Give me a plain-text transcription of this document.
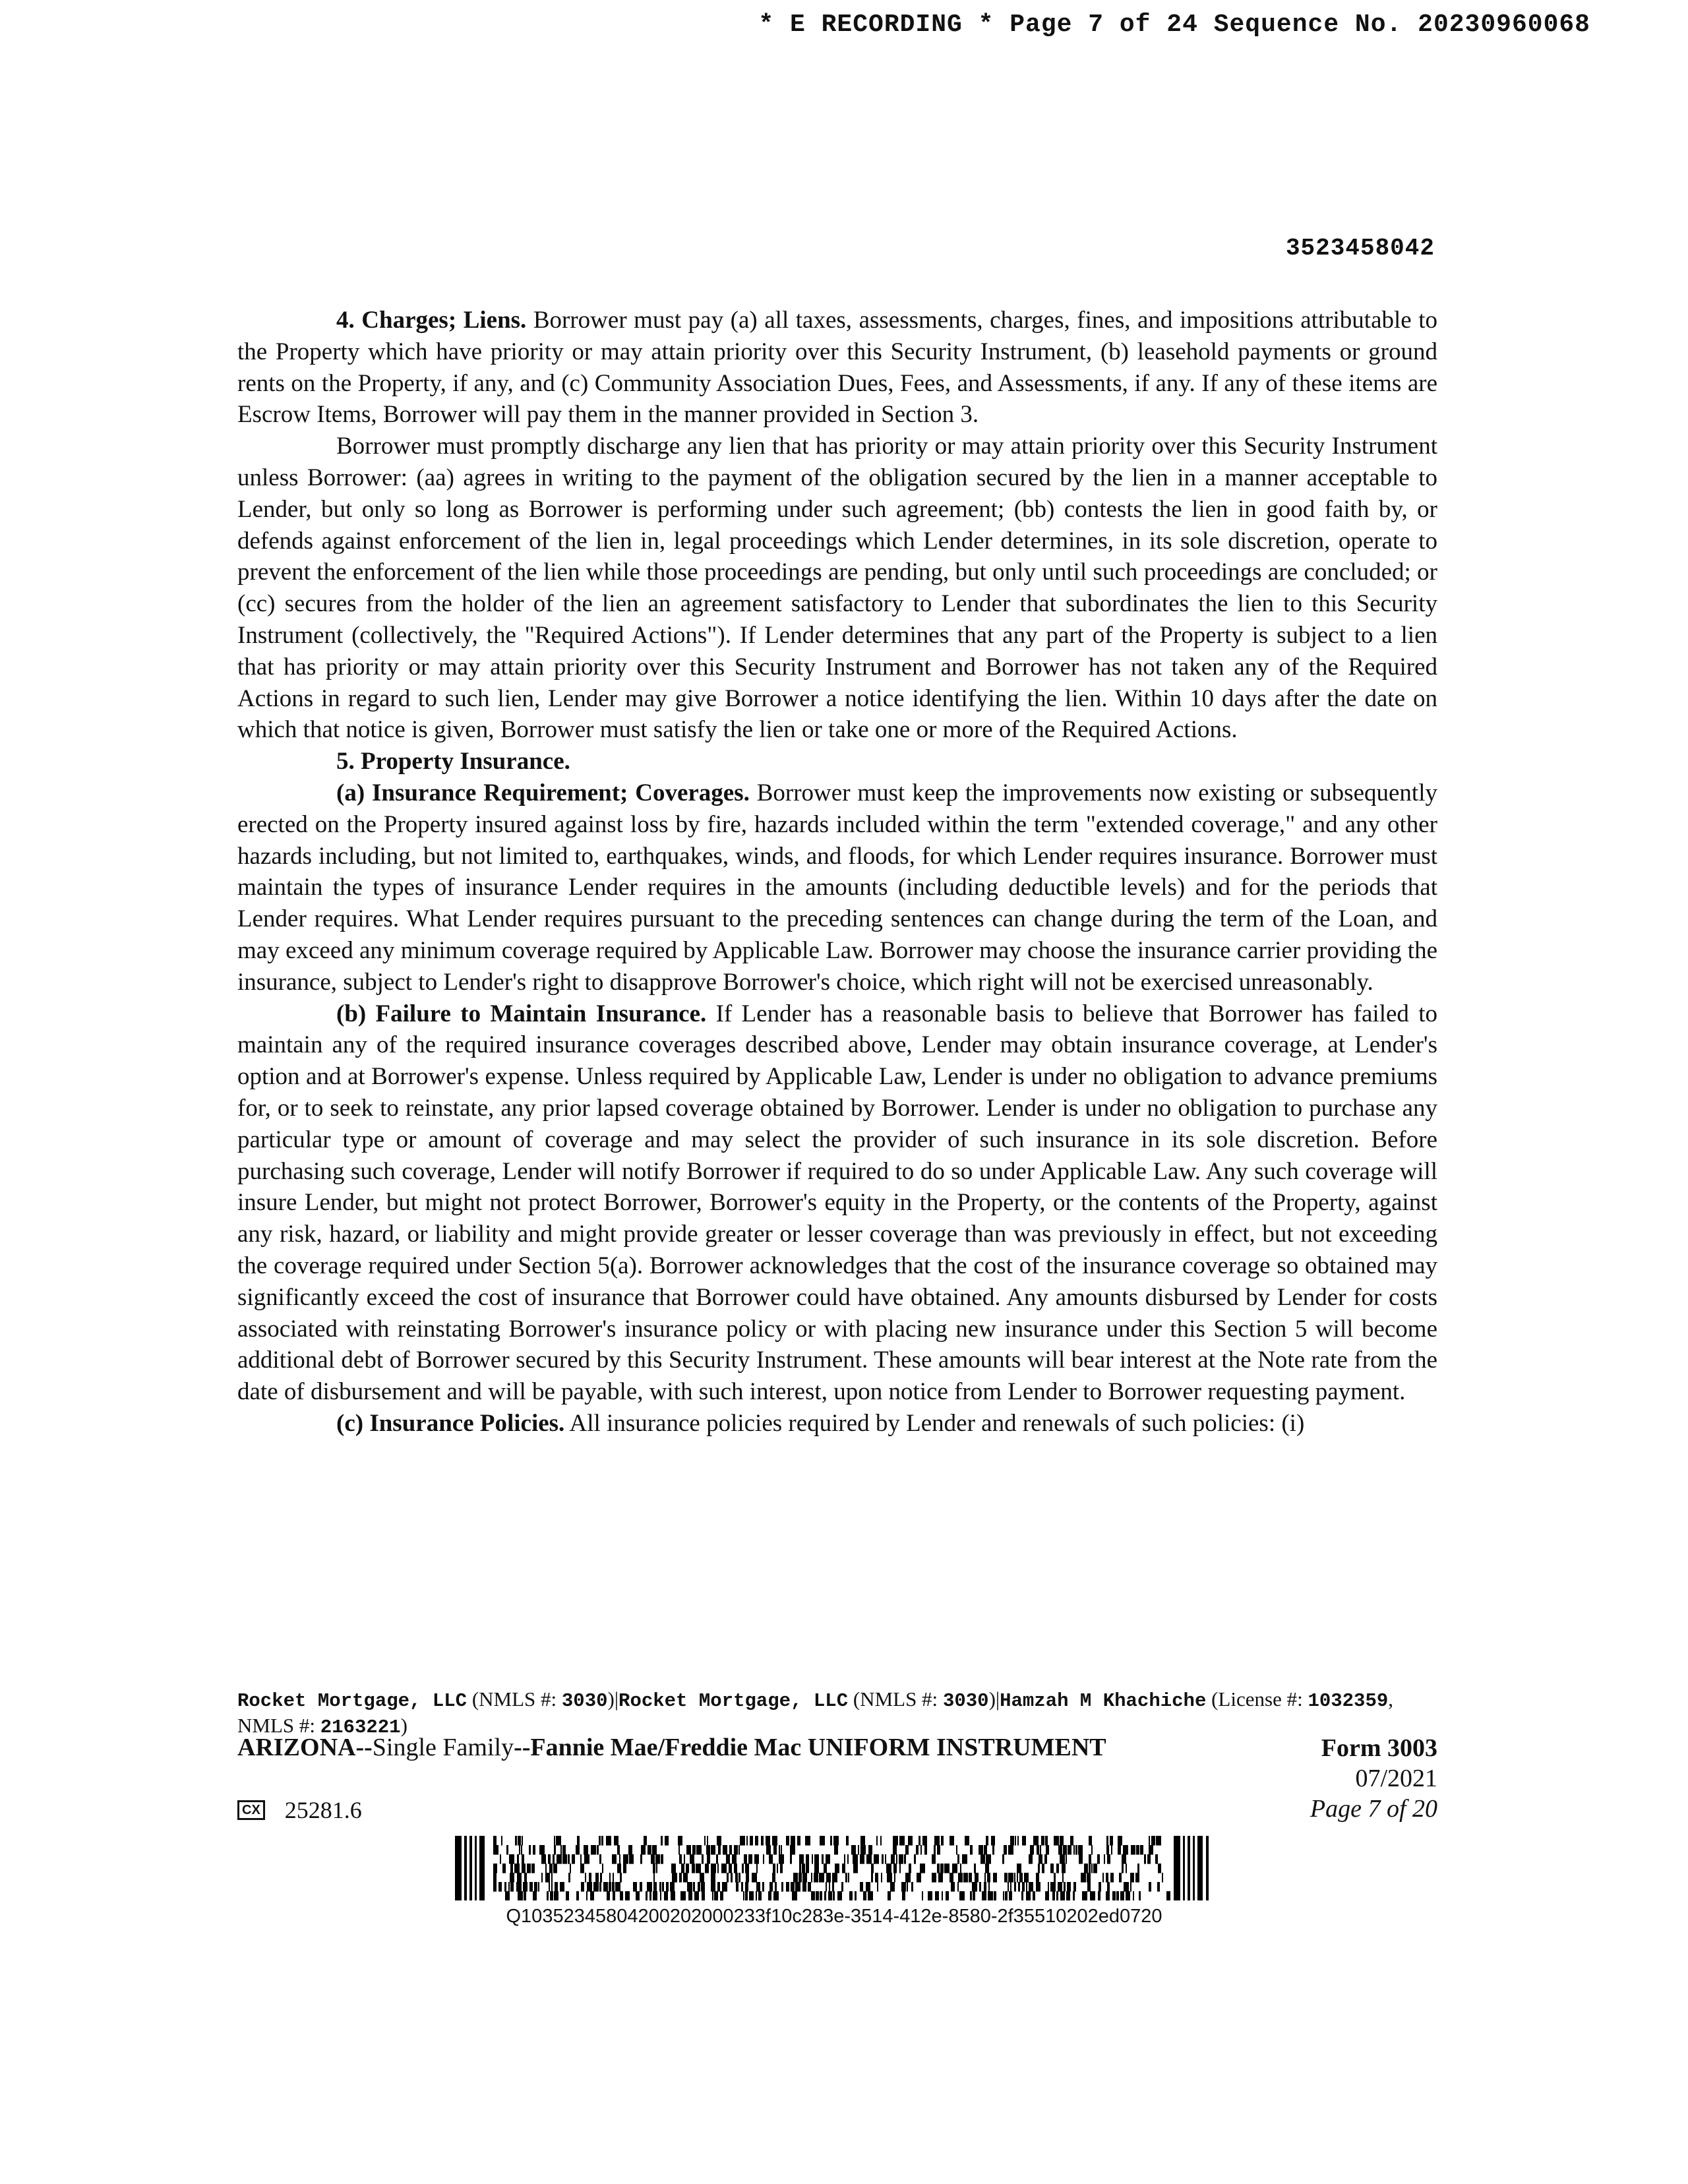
* E RECORDING * Page 7 of 24 Sequence No. 20230960068
3523458042

4. Charges; Liens. Borrower must pay (a) all taxes, assessments, charges, fines, and impositions attributable to the Property which have priority or may attain priority over this Security Instrument, (b) leasehold payments or ground rents on the Property, if any, and (c) Community Association Dues, Fees, and Assessments, if any. If any of these items are Escrow Items, Borrower will pay them in the manner provided in Section 3.

Borrower must promptly discharge any lien that has priority or may attain priority over this Security Instrument unless Borrower: (aa) agrees in writing to the payment of the obligation secured by the lien in a manner acceptable to Lender, but only so long as Borrower is performing under such agreement; (bb) contests the lien in good faith by, or defends against enforcement of the lien in, legal proceedings which Lender determines, in its sole discretion, operate to prevent the enforcement of the lien while those proceedings are pending, but only until such proceedings are concluded; or (cc) secures from the holder of the lien an agreement satisfactory to Lender that subordinates the lien to this Security Instrument (collectively, the "Required Actions"). If Lender determines that any part of the Property is subject to a lien that has priority or may attain priority over this Security Instrument and Borrower has not taken any of the Required Actions in regard to such lien, Lender may give Borrower a notice identifying the lien. Within 10 days after the date on which that notice is given, Borrower must satisfy the lien or take one or more of the Required Actions.

5. Property Insurance.

(a) Insurance Requirement; Coverages. Borrower must keep the improvements now existing or subsequently erected on the Property insured against loss by fire, hazards included within the term "extended coverage," and any other hazards including, but not limited to, earthquakes, winds, and floods, for which Lender requires insurance. Borrower must maintain the types of insurance Lender requires in the amounts (including deductible levels) and for the periods that Lender requires. What Lender requires pursuant to the preceding sentences can change during the term of the Loan, and may exceed any minimum coverage required by Applicable Law. Borrower may choose the insurance carrier providing the insurance, subject to Lender's right to disapprove Borrower's choice, which right will not be exercised unreasonably.

(b) Failure to Maintain Insurance. If Lender has a reasonable basis to believe that Borrower has failed to maintain any of the required insurance coverages described above, Lender may obtain insurance coverage, at Lender's option and at Borrower's expense. Unless required by Applicable Law, Lender is under no obligation to advance premiums for, or to seek to reinstate, any prior lapsed coverage obtained by Borrower. Lender is under no obligation to purchase any particular type or amount of coverage and may select the provider of such insurance in its sole discretion. Before purchasing such coverage, Lender will notify Borrower if required to do so under Applicable Law. Any such coverage will insure Lender, but might not protect Borrower, Borrower's equity in the Property, or the contents of the Property, against any risk, hazard, or liability and might provide greater or lesser coverage than was previously in effect, but not exceeding the coverage required under Section 5(a). Borrower acknowledges that the cost of the insurance coverage so obtained may significantly exceed the cost of insurance that Borrower could have obtained. Any amounts disbursed by Lender for costs associated with reinstating Borrower's insurance policy or with placing new insurance under this Section 5 will become additional debt of Borrower secured by this Security Instrument. These amounts will bear interest at the Note rate from the date of disbursement and will be payable, with such interest, upon notice from Lender to Borrower requesting payment.

(c) Insurance Policies. All insurance policies required by Lender and renewals of such policies: (i)

Rocket Mortgage, LLC (NMLS #: 3030)|Rocket Mortgage, LLC (NMLS #: 3030)|Hamzah M Khachiche (License #: 1032359, NMLS #: 2163221)
ARIZONA--Single Family--Fannie Mae/Freddie Mac UNIFORM INSTRUMENT	Form 3003
07/2021
Page 7 of 20
CX 25281.6
Q10352345804200202000233f10c283e-3514-412e-8580-2f35510202ed0720
